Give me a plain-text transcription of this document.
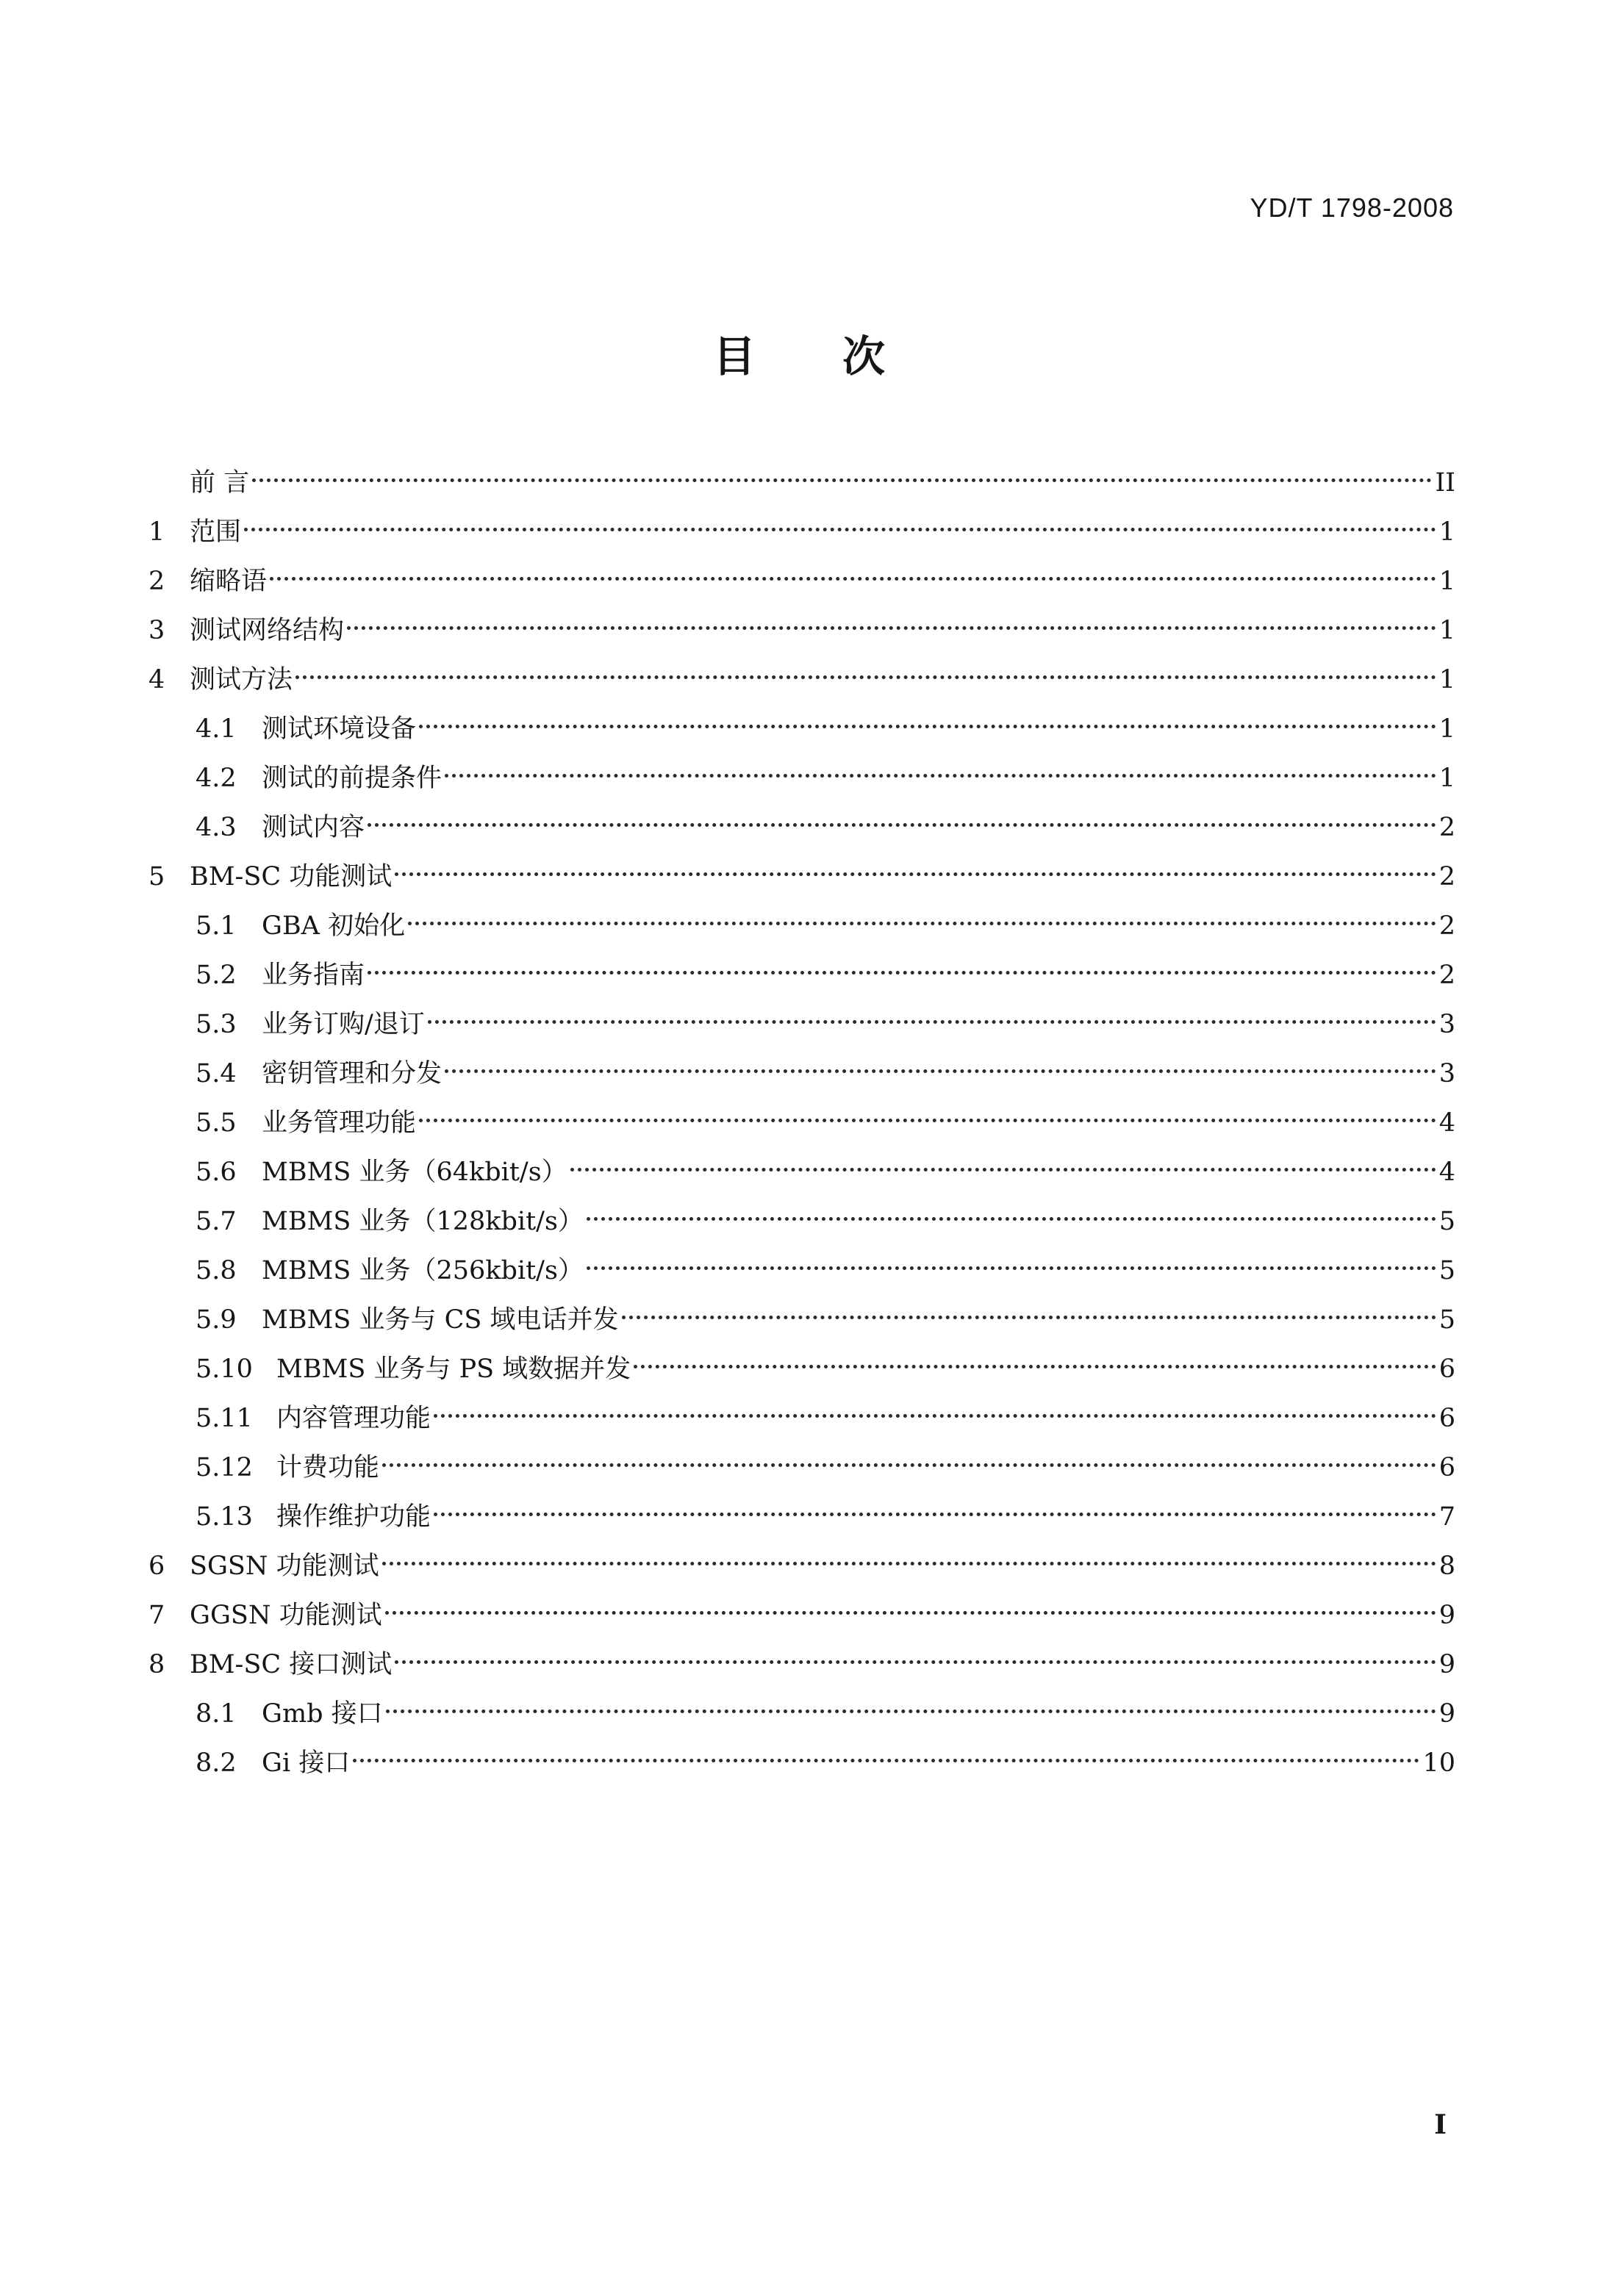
YD/T 1798-2008
目次
前 言	II
1 范围	1
2 缩略语	1
3 测试网络结构	1
4 测试方法	1
4.1 测试环境设备	1
4.2 测试的前提条件	1
4.3 测试内容	2
5 BM-SC 功能测试	2
5.1 GBA 初始化	2
5.2 业务指南	2
5.3 业务订购/退订	3
5.4 密钥管理和分发	3
5.5 业务管理功能	4
5.6 MBMS 业务（64kbit/s）	4
5.7 MBMS 业务（128kbit/s）	5
5.8 MBMS 业务（256kbit/s）	5
5.9 MBMS 业务与 CS 域电话并发	5
5.10 MBMS 业务与 PS 域数据并发	6
5.11 内容管理功能	6
5.12 计费功能	6
5.13 操作维护功能	7
6 SGSN 功能测试	8
7 GGSN 功能测试	9
8 BM-SC 接口测试	9
8.1 Gmb 接口	9
8.2 Gi 接口	10
I
